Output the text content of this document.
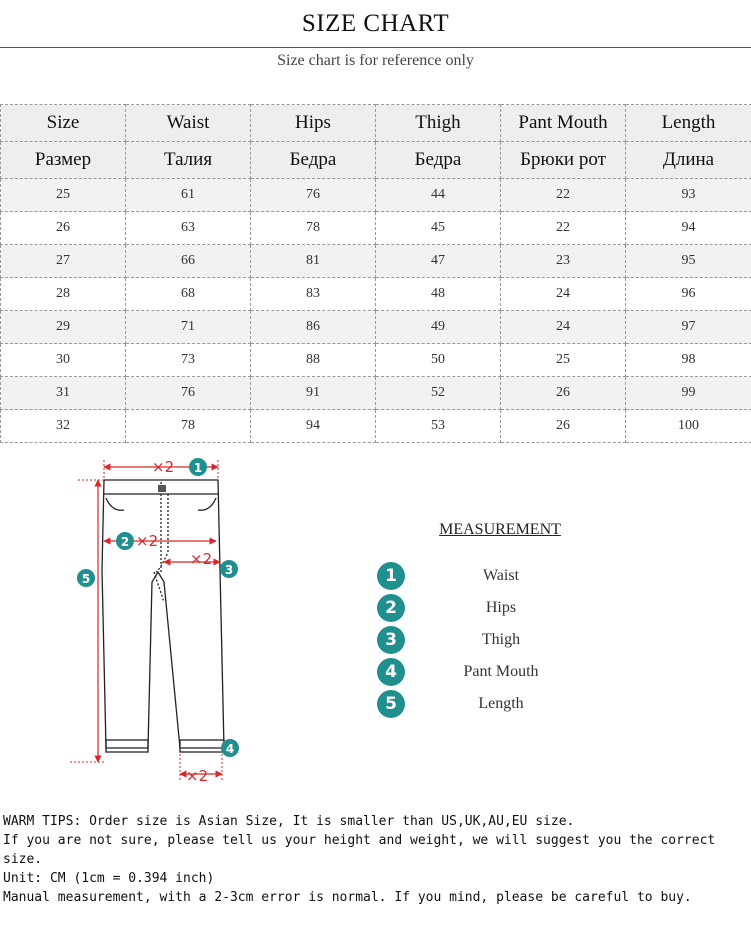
SIZE CHART
Size chart is for reference only
Size	Waist	Hips	Thigh	Pant Mouth	Length
Размер	Талия	Бедра	Бедра	Брюки рот	Длина
25	61	76	44	22	93
26	63	78	45	22	94
27	66	81	47	23	95
28	68	83	48	24	96
29	71	86	49	24	97
30	73	88	50	25	98
31	76	91	52	26	99
32	78	94	53	26	100
×2 1
2 ×2
×2
3
5
×2
4
MEASUREMENT
1	Waist
2	Hips
3	Thigh
4	Pant Mouth
5	Length
WARM TIPS: Order size is Asian Size, It is smaller than US,UK,AU,EU size.
If you are not sure, please tell us your height and weight, we will suggest you the correct size.
Unit: CM (1cm = 0.394 inch)
Manual measurement, with a 2-3cm error is normal. If you mind, please be careful to buy.
